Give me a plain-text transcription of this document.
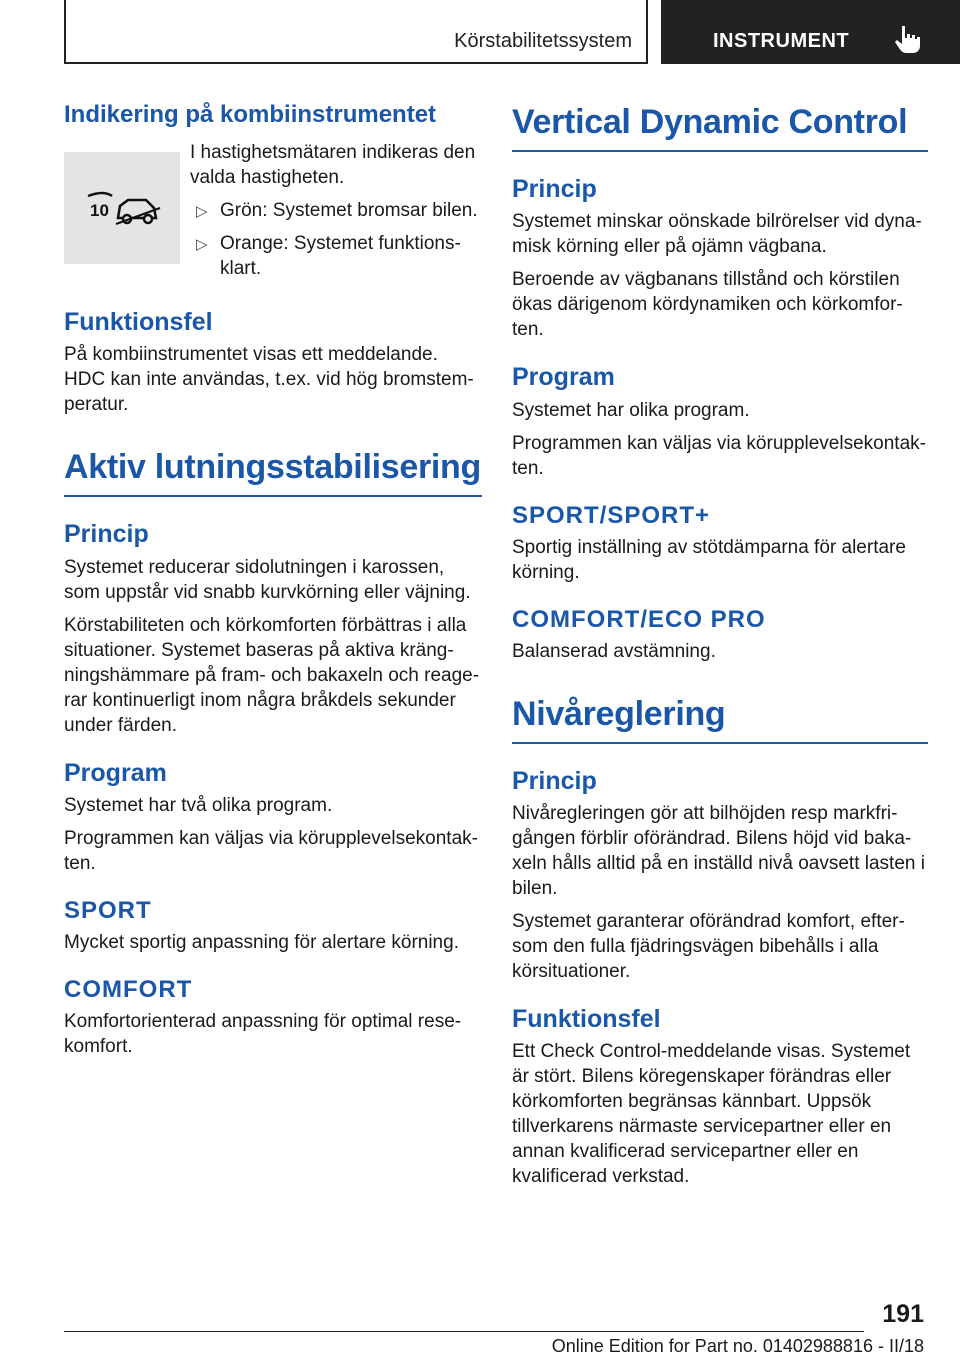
Körstabilitetssystem	INSTRUMENT
Indikering på kombiinstrumentet
10

I hastighetsmätaren indikeras den valda hastigheten.

▷ Grön: Systemet bromsar bilen.
▷ Orange: Systemet funktionsklart.
Funktionsfel

På kombiinstrumentet visas ett meddelande. HDC kan inte användas, t.ex. vid hög bromstemperatur.

Aktiv lutningsstabilisering
Princip

Systemet reducerar sidolutningen i karossen, som uppstår vid snabb kurvkörning eller väjning.

Körstabiliteten och körkomforten förbättras i alla situationer. Systemet baseras på aktiva krängningshämmare på fram- och bakaxeln och reagerar kontinuerligt inom några bråkdels sekunder under färden.

Program

Systemet har två olika program.

Programmen kan väljas via körupplevelsekontakten.

SPORT

Mycket sportig anpassning för alertare körning.

COMFORT

Komfortorienterad anpassning för optimal resekomfort.

Vertical Dynamic Control
Princip

Systemet minskar oönskade bilrörelser vid dynamisk körning eller på ojämn vägbana.

Beroende av vägbanans tillstånd och körstilen ökas därigenom kördynamiken och körkomforten.

Program

Systemet har olika program.

Programmen kan väljas via körupplevelsekontakten.

SPORT/SPORT+

Sportig inställning av stötdämparna för alertare körning.

COMFORT/ECO PRO

Balanserad avstämning.

Nivåreglering
Princip

Nivåregleringen gör att bilhöjden resp markfrigången förblir oförändrad. Bilens höjd vid bakaxeln hålls alltid på en inställd nivå oavsett lasten i bilen.

Systemet garanterar oförändrad komfort, eftersom den fulla fjädringsvägen bibehålls i alla körsituationer.

Funktionsfel

Ett Check Control-meddelande visas. Systemet är stört. Bilens köregenskaper förändras eller körkomforten begränsas kännbart. Uppsök tillverkarens närmaste servicepartner eller en annan kvalificerad servicepartner eller en kvalificerad verkstad.

191
Online Edition for Part no. 01402988816 - II/18
